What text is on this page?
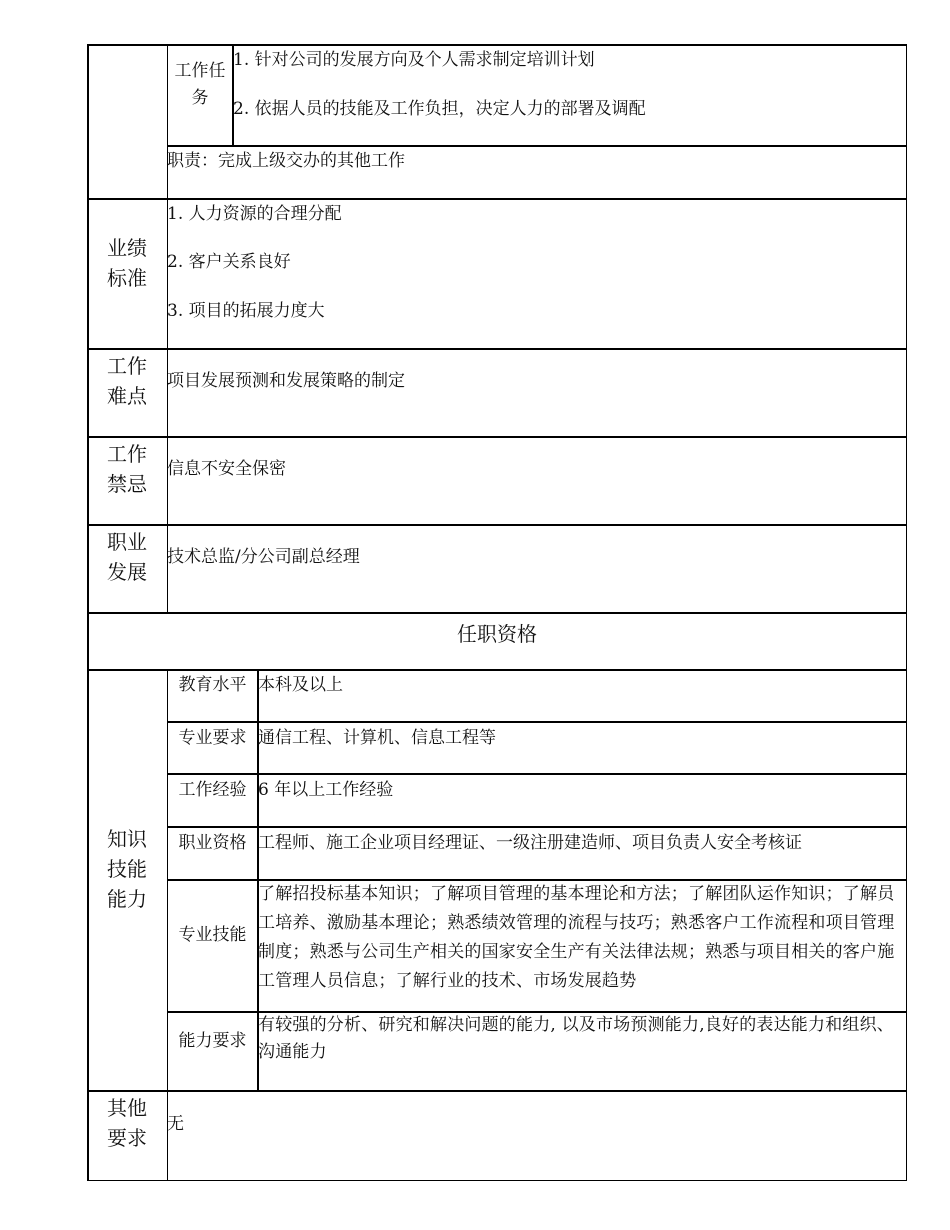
工作任务
1. 针对公司的发展方向及个人需求制定培训计划
2. 依据人员的技能及工作负担，决定人力的部署及调配
职责：完成上级交办的其他工作
业绩
标准
1. 人力资源的合理分配
2. 客户关系良好
3. 项目的拓展力度大
工作
难点
项目发展预测和发展策略的制定
工作
禁忌
信息不安全保密
职业
发展
技术总监/分公司副总经理
任职资格
知识
技能
能力
教育水平 本科及以上
专业要求 通信工程、计算机、信息工程等
工作经验 6 年以上工作经验
职业资格 工程师、施工企业项目经理证、一级注册建造师、项目负责人安全考核证
专业技能
了解招投标基本知识；了解项目管理的基本理论和方法；了解团队运作知识；了解员工培养、激励基本理论；熟悉绩效管理的流程与技巧；熟悉客户工作流程和项目管理制度；熟悉与公司生产相关的国家安全生产有关法律法规；熟悉与项目相关的客户施工管理人员信息；了解行业的技术、市场发展趋势
能力要求
有较强的分析、研究和解决问题的能力, 以及市场预测能力,良好的表达能力和组织、沟通能力
其他
要求
无
